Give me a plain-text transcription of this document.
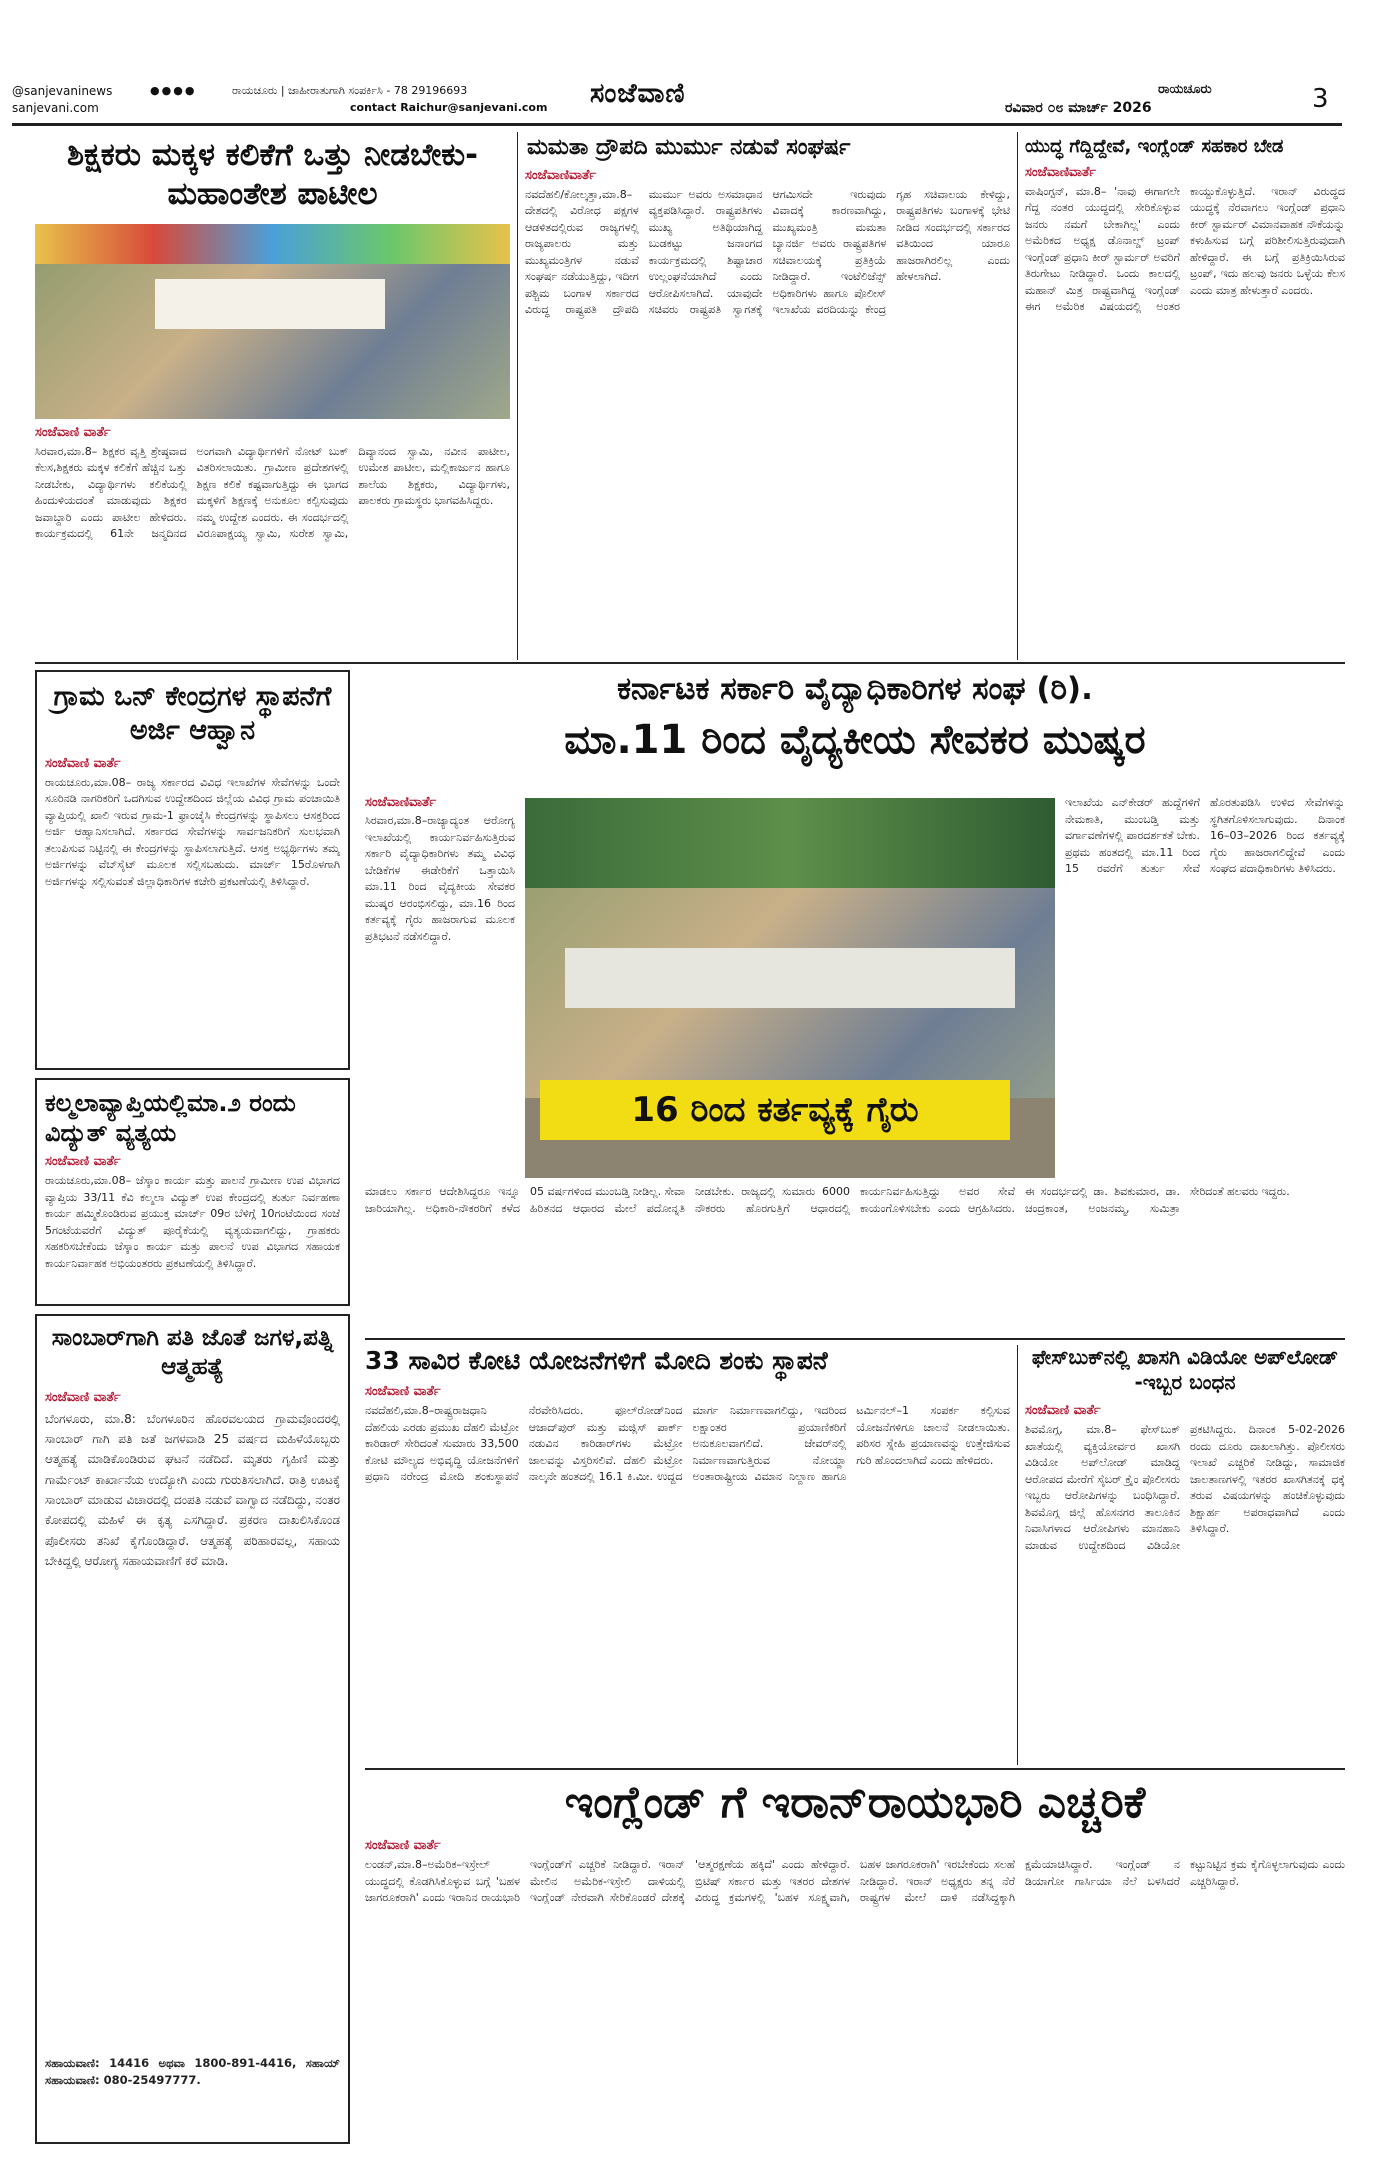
@sanjevaninews	●●●●
sanjevani.com
ರಾಯಚೂರು | ಜಾಹೀರಾತುಗಾಗಿ ಸಂಪರ್ಕಿಸಿ - 78 29196693
contact Raichur@sanjevani.com ಸಂಜೆವಾಣಿ	ರಾಯಚೂರು
ರವಿವಾರ ೦೮ ಮಾರ್ಚ್ 2026	3
ಶಿಕ್ಷಕರು ಮಕ್ಕಳ ಕಲಿಕೆಗೆ ಒತ್ತು ನೀಡಬೇಕು-ಮಹಾಂತೇಶ ಪಾಟೀಲ
ಸಂಜೆವಾಣಿ ವಾರ್ತೆ
ಸಿರವಾರ,ಮಾ.8– ಶಿಕ್ಷಕರ ವೃತ್ತಿ ಶ್ರೇಷ್ಠವಾದ ಕೆಲಸ,ಶಿಕ್ಷಕರು ಮಕ್ಕಳ ಕಲಿಕೆಗೆ ಹೆಚ್ಚಿನ ಒತ್ತು ನೀಡಬೇಕು, ವಿದ್ಯಾರ್ಥಿಗಳು ಕಲಿಕೆಯಲ್ಲಿ ಹಿಂದುಳಿಯದಂತೆ ಮಾಡುವುದು ಶಿಕ್ಷಕರ ಜವಾಬ್ದಾರಿ ಎಂದು ಪಾಟೀಲ ಹೇಳಿದರು. ಕಾರ್ಯಕ್ರಮದಲ್ಲಿ 61ನೇ ಜನ್ಮದಿನದ ಅಂಗವಾಗಿ ವಿದ್ಯಾರ್ಥಿಗಳಿಗೆ ನೋಟ್ ಬುಕ್ ವಿತರಿಸಲಾಯಿತು. ಗ್ರಾಮೀಣ ಪ್ರದೇಶಗಳಲ್ಲಿ ಶಿಕ್ಷಣ ಕಲಿಕೆ ಕಷ್ಟವಾಗುತ್ತಿದ್ದು ಈ ಭಾಗದ ಮಕ್ಕಳಿಗೆ ಶಿಕ್ಷಣಕ್ಕೆ ಅನುಕೂಲ ಕಲ್ಪಿಸುವುದು ನಮ್ಮ ಉದ್ದೇಶ ಎಂದರು. ಈ ಸಂದರ್ಭದಲ್ಲಿ ವಿರೂಪಾಕ್ಷಯ್ಯ ಸ್ವಾಮಿ, ಸುರೇಶ ಸ್ವಾಮಿ, ದಿವ್ಯಾನಂದ ಸ್ವಾಮಿ, ನವೀನ ಪಾಟೀಲ, ಉಮೇಶ ಪಾಟೀಲ, ಮಲ್ಲಿಕಾರ್ಜುನ ಹಾಗೂ ಶಾಲೆಯ ಶಿಕ್ಷಕರು, ವಿದ್ಯಾರ್ಥಿಗಳು, ಪಾಲಕರು ಗ್ರಾಮಸ್ಥರು ಭಾಗವಹಿಸಿದ್ದರು.
ಮಮತಾ ದ್ರೌಪದಿ ಮುರ್ಮು ನಡುವೆ ಸಂಘರ್ಷ
ಸಂಜೆವಾಣಿವಾರ್ತೆ
ನವದೆಹಲಿ/ಕೋಲ್ಕತ್ತಾ,ಮಾ.8– ದೇಶದಲ್ಲಿ ವಿರೋಧ ಪಕ್ಷಗಳ ಆಡಳಿತದಲ್ಲಿರುವ ರಾಜ್ಯಗಳಲ್ಲಿ ರಾಜ್ಯಪಾಲರು ಮತ್ತು ಮುಖ್ಯಮಂತ್ರಿಗಳ ನಡುವೆ ಸಂಘರ್ಷ ನಡೆಯುತ್ತಿದ್ದು, ಇದೀಗ ಪಶ್ಚಿಮ ಬಂಗಾಳ ಸರ್ಕಾರದ ವಿರುದ್ಧ ರಾಷ್ಟ್ರಪತಿ ದ್ರೌಪದಿ ಮುರ್ಮು ಅವರು ಅಸಮಾಧಾನ ವ್ಯಕ್ತಪಡಿಸಿದ್ದಾರೆ. ರಾಷ್ಟ್ರಪತಿಗಳು ಮುಖ್ಯ ಅತಿಥಿಯಾಗಿದ್ದ ಬುಡಕಟ್ಟು ಜನಾಂಗದ ಕಾರ್ಯಕ್ರಮದಲ್ಲಿ ಶಿಷ್ಟಾಚಾರ ಉಲ್ಲಂಘನೆಯಾಗಿದೆ ಎಂದು ಆರೋಪಿಸಲಾಗಿದೆ. ಯಾವುದೇ ಸಚಿವರು ರಾಷ್ಟ್ರಪತಿ ಸ್ವಾಗತಕ್ಕೆ ಆಗಮಿಸದೇ ಇರುವುದು ವಿವಾದಕ್ಕೆ ಕಾರಣವಾಗಿದ್ದು, ಮುಖ್ಯಮಂತ್ರಿ ಮಮತಾ ಬ್ಯಾನರ್ಜಿ ಅವರು ರಾಷ್ಟ್ರಪತಿಗಳ ಸಚಿವಾಲಯಕ್ಕೆ ಪ್ರತಿಕ್ರಿಯೆ ನೀಡಿದ್ದಾರೆ. ಇಂಟೆಲಿಜೆನ್ಸ್ ಅಧಿಕಾರಿಗಳು ಹಾಗೂ ಪೊಲೀಸ್ ಇಲಾಖೆಯ ವರದಿಯನ್ನು ಕೇಂದ್ರ ಗೃಹ ಸಚಿವಾಲಯ ಕೇಳಿದ್ದು, ರಾಷ್ಟ್ರಪತಿಗಳು ಬಂಗಾಳಕ್ಕೆ ಭೇಟಿ ನೀಡಿದ ಸಂದರ್ಭದಲ್ಲಿ ಸರ್ಕಾರದ ವತಿಯಿಂದ ಯಾರೂ ಹಾಜರಾಗಿರಲಿಲ್ಲ ಎಂದು ಹೇಳಲಾಗಿದೆ.
ಯುದ್ಧ ಗೆದ್ದಿದ್ದೇವೆ, ಇಂಗ್ಲೆಂಡ್ ಸಹಕಾರ ಬೇಡ
ಸಂಜೆವಾಣಿವಾರ್ತೆ
ವಾಷಿಂಗ್ಟನ್, ಮಾ.8– 'ನಾವು ಈಗಾಗಲೇ ಗೆದ್ದ ನಂತರ ಯುದ್ಧದಲ್ಲಿ ಸೇರಿಕೊಳ್ಳುವ ಜನರು ನಮಗೆ ಬೇಕಾಗಿಲ್ಲ' ಎಂದು ಅಮೆರಿಕದ ಅಧ್ಯಕ್ಷ ಡೊನಾಲ್ಡ್ ಟ್ರಂಪ್ ಇಂಗ್ಲೆಂಡ್ ಪ್ರಧಾನಿ ಕೀರ್ ಸ್ಟಾರ್ಮರ್ ಅವರಿಗೆ ತಿರುಗೇಟು ನೀಡಿದ್ದಾರೆ. ಒಂದು ಕಾಲದಲ್ಲಿ ಮಹಾನ್ ಮಿತ್ರ ರಾಷ್ಟ್ರವಾಗಿದ್ದ ಇಂಗ್ಲೆಂಡ್ ಈಗ ಅಮೆರಿಕ ವಿಷಯದಲ್ಲಿ ಅಂತರ ಕಾಯ್ದುಕೊಳ್ಳುತ್ತಿದೆ. ಇರಾನ್ ವಿರುದ್ಧದ ಯುದ್ಧಕ್ಕೆ ನೆರವಾಗಲು ಇಂಗ್ಲೆಂಡ್ ಪ್ರಧಾನಿ ಕೀರ್ ಸ್ಟಾರ್ಮರ್ ವಿಮಾನವಾಹಕ ನೌಕೆಯನ್ನು ಕಳುಹಿಸುವ ಬಗ್ಗೆ ಪರಿಶೀಲಿಸುತ್ತಿರುವುದಾಗಿ ಹೇಳಿದ್ದಾರೆ. ಈ ಬಗ್ಗೆ ಪ್ರತಿಕ್ರಿಯಿಸಿರುವ ಟ್ರಂಪ್, ಇದು ಹಲವು ಜನರು ಒಳ್ಳೆಯ ಕೆಲಸ ಎಂದು ಮಾತ್ರ ಹೇಳುತ್ತಾರೆ ಎಂದರು.
ಗ್ರಾಮ ಒನ್ ಕೇಂದ್ರಗಳ ಸ್ಥಾಪನೆಗೆ ಅರ್ಜಿ ಆಹ್ವಾನ
ಸಂಜೆವಾಣಿ ವಾರ್ತೆ
ರಾಯಚೂರು,ಮಾ.08– ರಾಜ್ಯ ಸರ್ಕಾರದ ವಿವಿಧ ಇಲಾಖೆಗಳ ಸೇವೆಗಳನ್ನು ಒಂದೇ ಸೂರಿನಡಿ ನಾಗರಿಕರಿಗೆ ಒದಗಿಸುವ ಉದ್ದೇಶದಿಂದ ಜಿಲ್ಲೆಯ ವಿವಿಧ ಗ್ರಾಮ ಪಂಚಾಯಿತಿ ವ್ಯಾಪ್ತಿಯಲ್ಲಿ ಖಾಲಿ ಇರುವ ಗ್ರಾಮ-1 ಫ್ರಾಂಚೈಸಿ ಕೇಂದ್ರಗಳನ್ನು ಸ್ಥಾಪಿಸಲು ಆಸಕ್ತರಿಂದ ಅರ್ಜಿ ಆಹ್ವಾನಿಸಲಾಗಿದೆ. ಸರ್ಕಾರದ ಸೇವೆಗಳನ್ನು ಸಾರ್ವಜನಿಕರಿಗೆ ಸುಲಭವಾಗಿ ತಲುಪಿಸುವ ನಿಟ್ಟಿನಲ್ಲಿ ಈ ಕೇಂದ್ರಗಳನ್ನು ಸ್ಥಾಪಿಸಲಾಗುತ್ತಿದೆ. ಆಸಕ್ತ ಅಭ್ಯರ್ಥಿಗಳು ತಮ್ಮ ಅರ್ಜಿಗಳನ್ನು ವೆಬ್‌ಸೈಟ್ ಮೂಲಕ ಸಲ್ಲಿಸಬಹುದು. ಮಾರ್ಚ್ 15ರೊಳಗಾಗಿ ಅರ್ಜಿಗಳನ್ನು ಸಲ್ಲಿಸುವಂತೆ ಜಿಲ್ಲಾಧಿಕಾರಿಗಳ ಕಚೇರಿ ಪ್ರಕಟಣೆಯಲ್ಲಿ ತಿಳಿಸಿದ್ದಾರೆ.
ಕಲ್ಮಲಾವ್ಯಾಪ್ತಿಯಲ್ಲಿಮಾ.೨ ರಂದು ವಿದ್ಯುತ್ ವ್ಯತ್ಯಯ
ಸಂಜೆವಾಣಿ ವಾರ್ತೆ
ರಾಯಚೂರು,ಮಾ.08– ಜೆಸ್ಕಾಂ ಕಾರ್ಯ ಮತ್ತು ಪಾಲನೆ ಗ್ರಾಮೀಣ ಉಪ ವಿಭಾಗದ ವ್ಯಾಪ್ತಿಯ 33/11 ಕೆವಿ ಕಲ್ಮಲಾ ವಿದ್ಯುತ್ ಉಪ ಕೇಂದ್ರದಲ್ಲಿ ತುರ್ತು ನಿರ್ವಹಣಾ ಕಾರ್ಯ ಹಮ್ಮಿಕೊಂಡಿರುವ ಪ್ರಯುಕ್ತ ಮಾರ್ಚ್ 09ರ ಬೆಳಿಗ್ಗೆ 10ಗಂಟೆಯಿಂದ ಸಂಜೆ 5ಗಂಟೆಯವರೆಗೆ ವಿದ್ಯುತ್ ಪೂರೈಕೆಯಲ್ಲಿ ವ್ಯತ್ಯಯವಾಗಲಿದ್ದು, ಗ್ರಾಹಕರು ಸಹಕರಿಸಬೇಕೆಂದು ಜೆಸ್ಕಾಂ ಕಾರ್ಯ ಮತ್ತು ಪಾಲನೆ ಉಪ ವಿಭಾಗದ ಸಹಾಯಕ ಕಾರ್ಯನಿರ್ವಾಹಕ ಅಭಿಯಂತರರು ಪ್ರಕಟಣೆಯಲ್ಲಿ ತಿಳಿಸಿದ್ದಾರೆ.
ಸಾಂಬಾರ್‌ಗಾಗಿ ಪತಿ ಜೊತೆ ಜಗಳ,ಪತ್ನಿ ಆತ್ಮಹತ್ಯೆ
ಸಂಜೆವಾಣಿ ವಾರ್ತೆ
ಬೆಂಗಳೂರು, ಮಾ.8: ಬೆಂಗಳೂರಿನ ಹೊರವಲಯದ ಗ್ರಾಮವೊಂದರಲ್ಲಿ ಸಾಂಬಾರ್ ಗಾಗಿ ಪತಿ ಜತೆ ಜಗಳವಾಡಿ 25 ವರ್ಷದ ಮಹಿಳೆಯೊಬ್ಬರು ಆತ್ಮಹತ್ಯೆ ಮಾಡಿಕೊಂಡಿರುವ ಘಟನೆ ನಡೆದಿದೆ. ಮೃತರು ಗೃಹಿಣಿ ಮತ್ತು ಗಾರ್ಮೆಂಟ್ ಕಾರ್ಖಾನೆಯ ಉದ್ಯೋಗಿ ಎಂದು ಗುರುತಿಸಲಾಗಿದೆ. ರಾತ್ರಿ ಊಟಕ್ಕೆ ಸಾಂಬಾರ್ ಮಾಡುವ ವಿಚಾರದಲ್ಲಿ ದಂಪತಿ ನಡುವೆ ವಾಗ್ವಾದ ನಡೆದಿದ್ದು, ನಂತರ ಕೋಪದಲ್ಲಿ ಮಹಿಳೆ ಈ ಕೃತ್ಯ ಎಸಗಿದ್ದಾರೆ. ಪ್ರಕರಣ ದಾಖಲಿಸಿಕೊಂಡ ಪೊಲೀಸರು ತನಿಖೆ ಕೈಗೊಂಡಿದ್ದಾರೆ. ಆತ್ಮಹತ್ಯೆ ಪರಿಹಾರವಲ್ಲ, ಸಹಾಯ ಬೇಕಿದ್ದಲ್ಲಿ ಆರೋಗ್ಯ ಸಹಾಯವಾಣಿಗೆ ಕರೆ ಮಾಡಿ.
ಸಹಾಯವಾಣಿ: 14416 ಅಥವಾ 1800-891-4416, ಸಹಾಯ್ ಸಹಾಯವಾಣಿ: 080-25497777.
ಕರ್ನಾಟಕ ಸರ್ಕಾರಿ ವೈದ್ಯಾಧಿಕಾರಿಗಳ ಸಂಘ (ರಿ).
ಮಾ.11 ರಿಂದ ವೈದ್ಯಕೀಯ ಸೇವಕರ ಮುಷ್ಕರ
ಸಂಜೆವಾಣಿವಾರ್ತೆ
ಸಿರವಾರ,ಮಾ.8–ರಾಜ್ಯಾದ್ಯಂತ ಆರೋಗ್ಯ ಇಲಾಖೆಯಲ್ಲಿ ಕಾರ್ಯನಿರ್ವಹಿಸುತ್ತಿರುವ ಸರ್ಕಾರಿ ವೈದ್ಯಾಧಿಕಾರಿಗಳು ತಮ್ಮ ವಿವಿಧ ಬೇಡಿಕೆಗಳ ಈಡೇರಿಕೆಗೆ ಒತ್ತಾಯಿಸಿ ಮಾ.11 ರಿಂದ ವೈದ್ಯಕೀಯ ಸೇವಕರ ಮುಷ್ಕರ ಆರಂಭಿಸಲಿದ್ದು, ಮಾ.16 ರಿಂದ ಕರ್ತವ್ಯಕ್ಕೆ ಗೈರು ಹಾಜರಾಗುವ ಮೂಲಕ ಪ್ರತಿಭಟನೆ ನಡೆಸಲಿದ್ದಾರೆ.
16 ರಿಂದ ಕರ್ತವ್ಯಕ್ಕೆ ಗೈರು
ಇಲಾಖೆಯ ಎನ್‌ಕೇಡರ್ ಹುದ್ದೆಗಳಿಗೆ ನೇಮಕಾತಿ, ಮುಂಬಡ್ತಿ ಮತ್ತು ವರ್ಗಾವಣೆಗಳಲ್ಲಿ ಪಾರದರ್ಶಕತೆ ಬೇಕು. ಪ್ರಥಮ ಹಂತದಲ್ಲಿ ಮಾ.11 ರಿಂದ 15 ರವರೆಗೆ ತುರ್ತು ಸೇವೆ ಹೊರತುಪಡಿಸಿ ಉಳಿದ ಸೇವೆಗಳನ್ನು ಸ್ಥಗಿತಗೊಳಿಸಲಾಗುವುದು. ದಿನಾಂಕ 16–03–2026 ರಿಂದ ಕರ್ತವ್ಯಕ್ಕೆ ಗೈರು ಹಾಜರಾಗಲಿದ್ದೇವೆ ಎಂದು ಸಂಘದ ಪದಾಧಿಕಾರಿಗಳು ತಿಳಿಸಿದರು.
ಮಾಡಲು ಸರ್ಕಾರ ಆದೇಶಿಸಿದ್ದರೂ ಇನ್ನೂ ಜಾರಿಯಾಗಿಲ್ಲ. ಅಧಿಕಾರಿ-ನೌಕರರಿಗೆ ಕಳೆದ 05 ವರ್ಷಗಳಿಂದ ಮುಂಬಡ್ತಿ ನೀಡಿಲ್ಲ. ಸೇವಾ ಹಿರಿತನದ ಆಧಾರದ ಮೇಲೆ ಪದೋನ್ನತಿ ನೀಡಬೇಕು. ರಾಜ್ಯದಲ್ಲಿ ಸುಮಾರು 6000 ನೌಕರರು ಹೊರಗುತ್ತಿಗೆ ಆಧಾರದಲ್ಲಿ ಕಾರ್ಯನಿರ್ವಹಿಸುತ್ತಿದ್ದು ಅವರ ಸೇವೆ ಕಾಯಂಗೊಳಿಸಬೇಕು ಎಂದು ಆಗ್ರಹಿಸಿದರು. ಈ ಸಂದರ್ಭದಲ್ಲಿ ಡಾ. ಶಿವಕುಮಾರ, ಡಾ. ಚಂದ್ರಕಾಂತ, ಅಂಜನಮ್ಮ, ಸುಮಿತ್ರಾ ಸೇರಿದಂತೆ ಹಲವರು ಇದ್ದರು.
33 ಸಾವಿರ ಕೋಟಿ ಯೋಜನೆಗಳಿಗೆ ಮೋದಿ ಶಂಕು ಸ್ಥಾಪನೆ
ಸಂಜೆವಾಣಿ ವಾರ್ತೆ
ನವದೆಹಲಿ,ಮಾ.8–ರಾಷ್ಟ್ರರಾಜಧಾನಿ ದೆಹಲಿಯ ಎರಡು ಪ್ರಮುಖ ದೆಹಲಿ ಮೆಟ್ರೋ ಕಾರಿಡಾರ್ ಸೇರಿದಂತೆ ಸುಮಾರು 33,500 ಕೋಟಿ ಮೌಲ್ಯದ ಅಭಿವೃದ್ಧಿ ಯೋಜನೆಗಳಿಗೆ ಪ್ರಧಾನಿ ನರೇಂದ್ರ ಮೋದಿ ಶಂಕುಸ್ಥಾಪನೆ ನೆರವೇರಿಸಿದರು. ಫೂಲ್‌ರೋಡ್‌ನಿಂದ ಆಜಾದ್‌ಪುರ್ ಮತ್ತು ಮಜ್ಲಿಸ್ ಪಾರ್ಕ್ ನಡುವಿನ ಕಾರಿಡಾರ್‌ಗಳು ಮೆಟ್ರೋ ಜಾಲವನ್ನು ವಿಸ್ತರಿಸಲಿವೆ. ದೆಹಲಿ ಮೆಟ್ರೋ ನಾಲ್ಕನೇ ಹಂತದಲ್ಲಿ 16.1 ಕಿ.ಮೀ. ಉದ್ದದ ಮಾರ್ಗ ನಿರ್ಮಾಣವಾಗಲಿದ್ದು, ಇದರಿಂದ ಲಕ್ಷಾಂತರ ಪ್ರಯಾಣಿಕರಿಗೆ ಅನುಕೂಲವಾಗಲಿದೆ. ಜೇವರ್‌ನಲ್ಲಿ ನಿರ್ಮಾಣವಾಗುತ್ತಿರುವ ನೋಯ್ಡಾ ಅಂತಾರಾಷ್ಟ್ರೀಯ ವಿಮಾನ ನಿಲ್ದಾಣ ಹಾಗೂ ಟರ್ಮಿನಲ್–1 ಸಂಪರ್ಕ ಕಲ್ಪಿಸುವ ಯೋಜನೆಗಳಿಗೂ ಚಾಲನೆ ನೀಡಲಾಯಿತು. ಪರಿಸರ ಸ್ನೇಹಿ ಪ್ರಯಾಣವನ್ನು ಉತ್ತೇಜಿಸುವ ಗುರಿ ಹೊಂದಲಾಗಿದೆ ಎಂದು ಹೇಳಿದರು.
ಫೇಸ್‌ಬುಕ್‌ನಲ್ಲಿ ಖಾಸಗಿ ವಿಡಿಯೋ ಅಪ್‌ಲೋಡ್ -ಇಬ್ಬರ ಬಂಧನ
ಸಂಜೆವಾಣಿ ವಾರ್ತೆ
ಶಿವಮೊಗ್ಗ, ಮಾ.8– ಫೇಸ್‌ಬುಕ್ ಖಾತೆಯಲ್ಲಿ ವ್ಯಕ್ತಿಯೋರ್ವರ ಖಾಸಗಿ ವಿಡಿಯೋ ಅಪ್‌ಲೋಡ್ ಮಾಡಿದ್ದ ಆರೋಪದ ಮೇರೆಗೆ ಸೈಬರ್ ಕ್ರೈಂ ಪೊಲೀಸರು ಇಬ್ಬರು ಆರೋಪಿಗಳನ್ನು ಬಂಧಿಸಿದ್ದಾರೆ. ಶಿವಮೊಗ್ಗ ಜಿಲ್ಲೆ ಹೊಸನಗರ ತಾಲೂಕಿನ ನಿವಾಸಿಗಳಾದ ಆರೋಪಿಗಳು ಮಾನಹಾನಿ ಮಾಡುವ ಉದ್ದೇಶದಿಂದ ವಿಡಿಯೋ ಪ್ರಕಟಿಸಿದ್ದರು. ದಿನಾಂಕ 5-02-2026 ರಂದು ದೂರು ದಾಖಲಾಗಿತ್ತು. ಪೊಲೀಸರು ಇಲಾಖೆ ಎಚ್ಚರಿಕೆ ನೀಡಿದ್ದು, ಸಾಮಾಜಿಕ ಜಾಲತಾಣಗಳಲ್ಲಿ ಇತರರ ಖಾಸಗಿತನಕ್ಕೆ ಧಕ್ಕೆ ತರುವ ವಿಷಯಗಳನ್ನು ಹಂಚಿಕೊಳ್ಳುವುದು ಶಿಕ್ಷಾರ್ಹ ಅಪರಾಧವಾಗಿದೆ ಎಂದು ತಿಳಿಸಿದ್ದಾರೆ.
ಇಂಗ್ಲೆಂಡ್ ಗೆ ಇರಾನ್‌ರಾಯಭಾರಿ ಎಚ್ಚರಿಕೆ
ಸಂಜೆವಾಣಿ ವಾರ್ತೆ
ಲಂಡನ್,ಮಾ.8–ಅಮೆರಿಕ–ಇಸ್ರೇಲ್ ಯುದ್ಧದಲ್ಲಿ ಕೊಡಗಿಸಿಕೊಳ್ಳುವ ಬಗ್ಗೆ 'ಬಹಳ ಜಾಗರೂಕರಾಗಿ' ಎಂದು ಇರಾನಿನ ರಾಯಭಾರಿ ಇಂಗ್ಲೆಂಡ್‌ಗೆ ಎಚ್ಚರಿಕೆ ನೀಡಿದ್ದಾರೆ. ಇರಾನ್ ಮೇಲಿನ ಅಮೆರಿಕ-ಇಸ್ರೇಲಿ ದಾಳಿಯಲ್ಲಿ ಇಂಗ್ಲೆಂಡ್ ನೇರವಾಗಿ ಸೇರಿಕೊಂಡರೆ ದೇಶಕ್ಕೆ 'ಆತ್ಮರಕ್ಷಣೆಯ ಹಕ್ಕಿದೆ' ಎಂದು ಹೇಳಿದ್ದಾರೆ. ಬ್ರಿಟಿಷ್ ಸರ್ಕಾರ ಮತ್ತು ಇತರರ ದೇಶಗಳ ವಿರುದ್ಧ ಕ್ರಮಗಳಲ್ಲಿ 'ಬಹಳ ಸೂಕ್ಷ್ಮವಾಗಿ, ಬಹಳ ಜಾಗರೂಕರಾಗಿ' ಇರಬೇಕೆಂದು ಸಲಹೆ ನೀಡಿದ್ದಾರೆ. ಇರಾನ್ ಅಧ್ಯಕ್ಷರು ತನ್ನ ನೆರೆ ರಾಷ್ಟ್ರಗಳ ಮೇಲೆ ದಾಳಿ ನಡೆಸಿದ್ದಕ್ಕಾಗಿ ಕ್ಷಮೆಯಾಚಿಸಿದ್ದಾರೆ. ಇಂಗ್ಲೆಂಡ್ ನ ಡಿಯಾಗೋ ಗಾರ್ಸಿಯಾ ನೆಲೆ ಬಳಸಿದರೆ ಕಟ್ಟುನಿಟ್ಟಿನ ಕ್ರಮ ಕೈಗೊಳ್ಳಲಾಗುವುದು ಎಂದು ಎಚ್ಚರಿಸಿದ್ದಾರೆ.
